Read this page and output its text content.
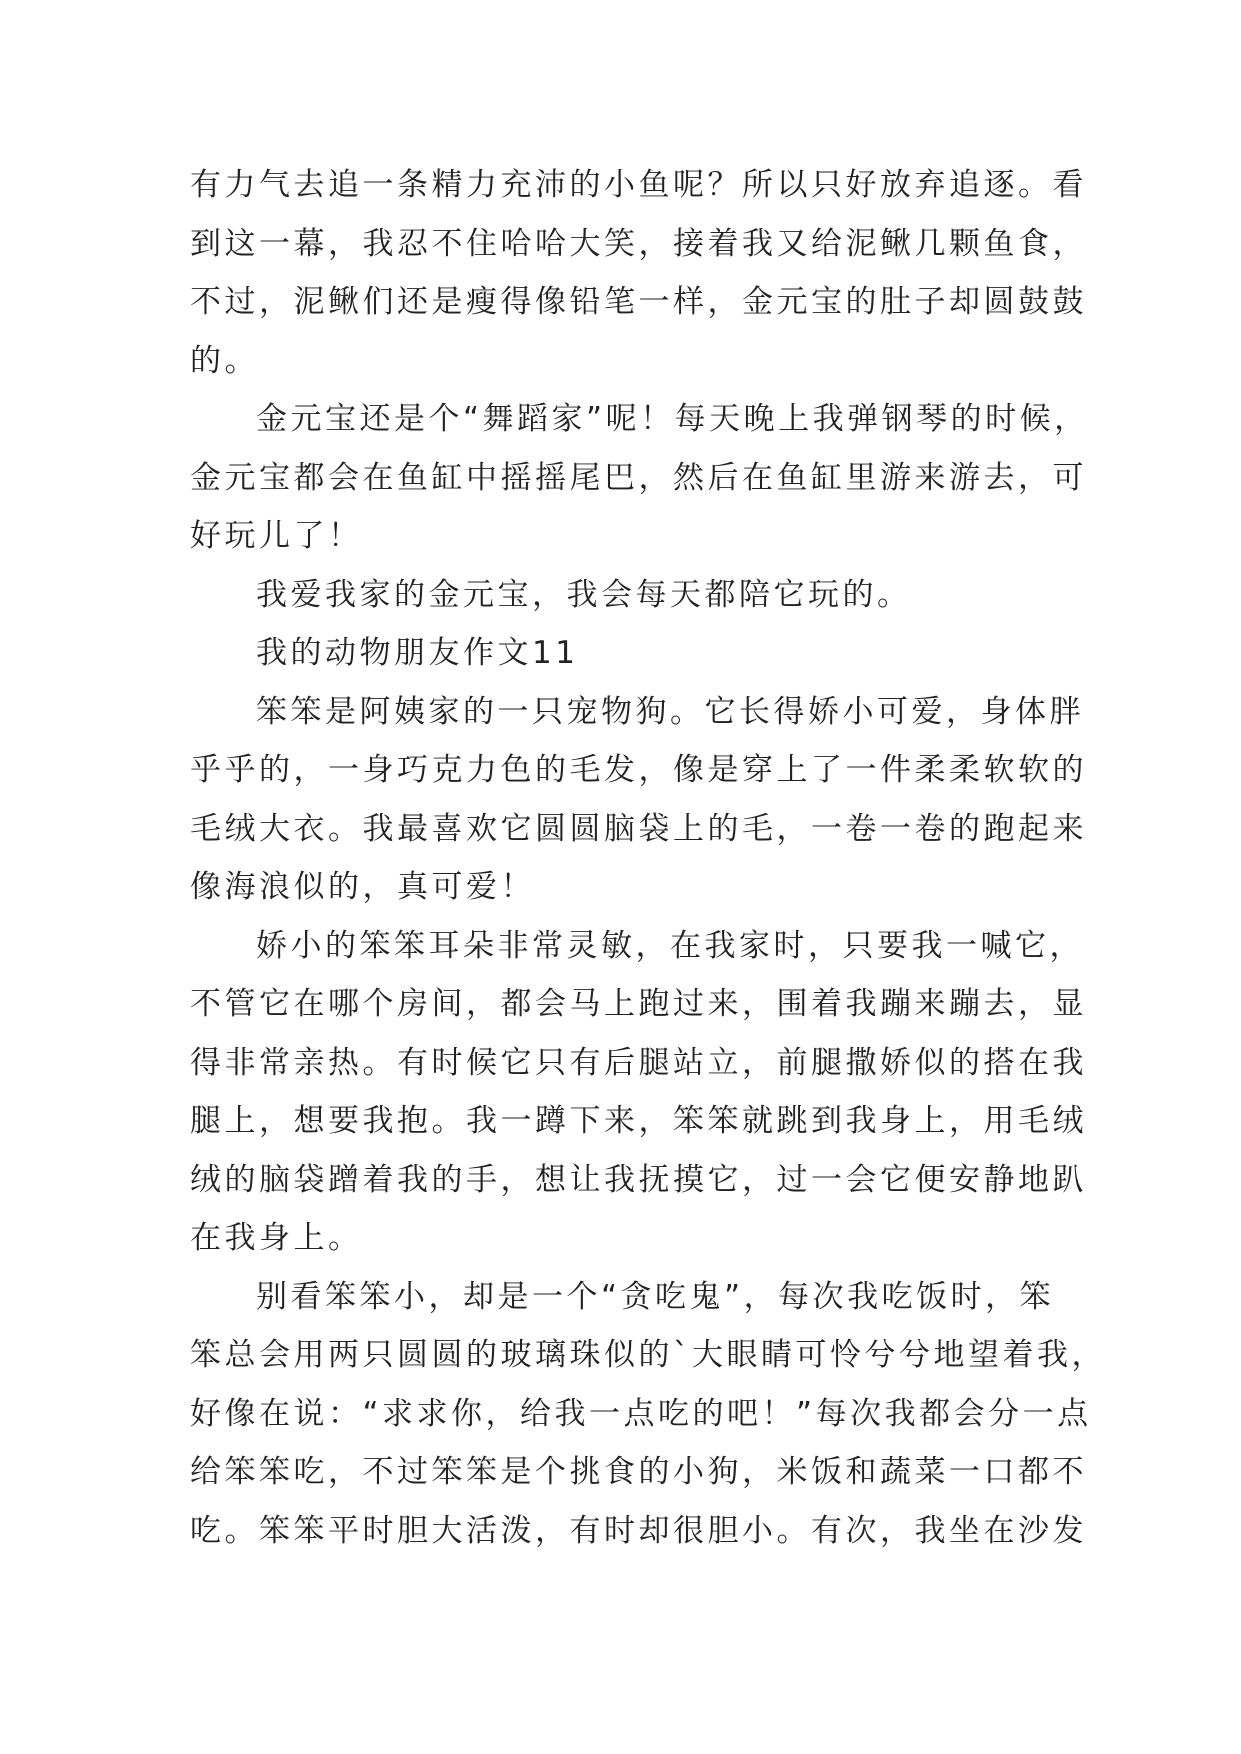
有力气去追一条精力充沛的小鱼呢？所以只好放弃追逐。看
到这一幕，我忍不住哈哈大笑，接着我又给泥鳅几颗鱼食，
不过，泥鳅们还是瘦得像铅笔一样，金元宝的肚子却圆鼓鼓
的。
金元宝还是个“舞蹈家”呢！每天晚上我弹钢琴的时候，
金元宝都会在鱼缸中摇摇尾巴，然后在鱼缸里游来游去，可
好玩儿了！
我爱我家的金元宝，我会每天都陪它玩的。
我的动物朋友作文11
笨笨是阿姨家的一只宠物狗。它长得娇小可爱，身体胖
乎乎的，一身巧克力色的毛发，像是穿上了一件柔柔软软的
毛绒大衣。我最喜欢它圆圆脑袋上的毛，一卷一卷的跑起来
像海浪似的，真可爱！
娇小的笨笨耳朵非常灵敏，在我家时，只要我一喊它，
不管它在哪个房间，都会马上跑过来，围着我蹦来蹦去，显
得非常亲热。有时候它只有后腿站立，前腿撒娇似的搭在我
腿上，想要我抱。我一蹲下来，笨笨就跳到我身上，用毛绒
绒的脑袋蹭着我的手，想让我抚摸它，过一会它便安静地趴
在我身上。
别看笨笨小，却是一个“贪吃鬼”，每次我吃饭时，笨
笨总会用两只圆圆的玻璃珠似的`大眼睛可怜兮兮地望着我，
好像在说：“求求你，给我一点吃的吧！”每次我都会分一点
给笨笨吃，不过笨笨是个挑食的小狗，米饭和蔬菜一口都不
吃。笨笨平时胆大活泼，有时却很胆小。有次，我坐在沙发
